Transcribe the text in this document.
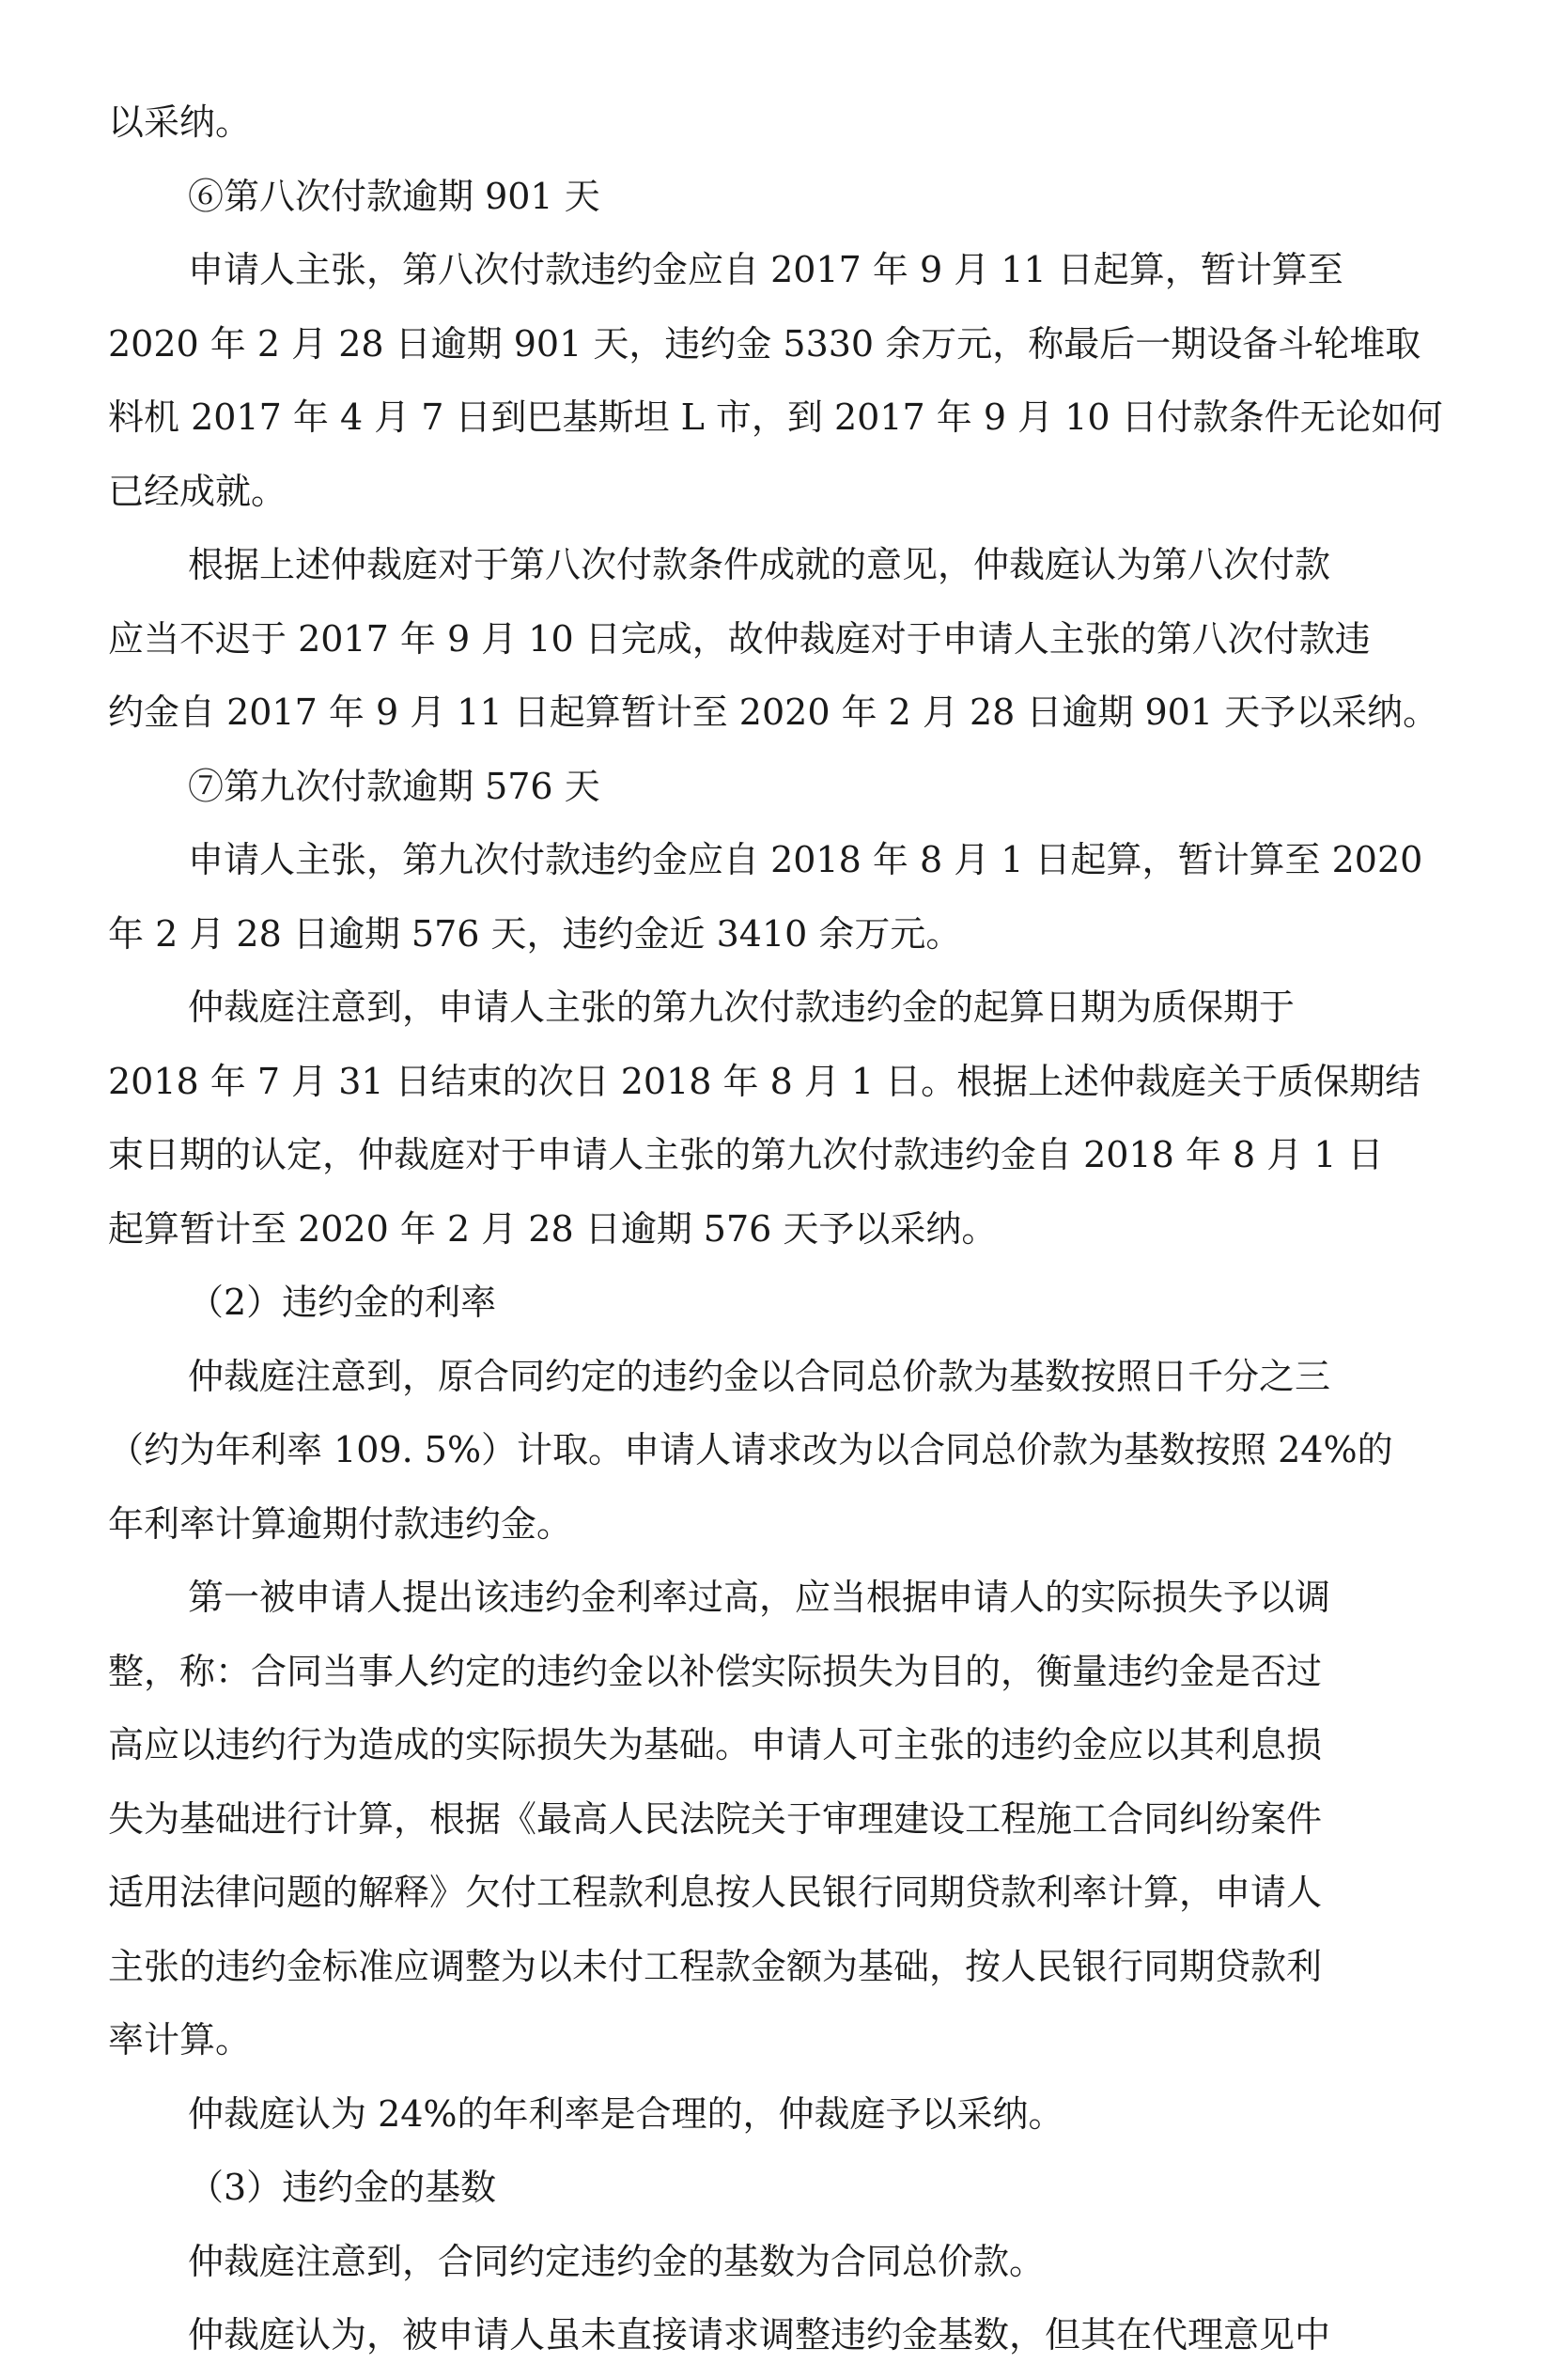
以采纳。
⑥第八次付款逾期 901 天
申请人主张，第八次付款违约金应自 2017 年 9 月 11 日起算，暂计算至
2020 年 2 月 28 日逾期 901 天，违约金 5330 余万元，称最后一期设备斗轮堆取
料机 2017 年 4 月 7 日到巴基斯坦 L 市，到 2017 年 9 月 10 日付款条件无论如何
已经成就。
根据上述仲裁庭对于第八次付款条件成就的意见，仲裁庭认为第八次付款
应当不迟于 2017 年 9 月 10 日完成，故仲裁庭对于申请人主张的第八次付款违
约金自 2017 年 9 月 11 日起算暂计至 2020 年 2 月 28 日逾期 901 天予以采纳。
⑦第九次付款逾期 576 天
申请人主张，第九次付款违约金应自 2018 年 8 月 1 日起算，暂计算至 2020
年 2 月 28 日逾期 576 天，违约金近 3410 余万元。
仲裁庭注意到，申请人主张的第九次付款违约金的起算日期为质保期于
2018 年 7 月 31 日结束的次日 2018 年 8 月 1 日。根据上述仲裁庭关于质保期结
束日期的认定，仲裁庭对于申请人主张的第九次付款违约金自 2018 年 8 月 1 日
起算暂计至 2020 年 2 月 28 日逾期 576 天予以采纳。
（2）违约金的利率
仲裁庭注意到，原合同约定的违约金以合同总价款为基数按照日千分之三
（约为年利率 109. 5%）计取。申请人请求改为以合同总价款为基数按照 24%的
年利率计算逾期付款违约金。
第一被申请人提出该违约金利率过高，应当根据申请人的实际损失予以调
整，称：合同当事人约定的违约金以补偿实际损失为目的，衡量违约金是否过
高应以违约行为造成的实际损失为基础。申请人可主张的违约金应以其利息损
失为基础进行计算，根据《最高人民法院关于审理建设工程施工合同纠纷案件
适用法律问题的解释》欠付工程款利息按人民银行同期贷款利率计算，申请人
主张的违约金标准应调整为以未付工程款金额为基础，按人民银行同期贷款利
率计算。
仲裁庭认为 24%的年利率是合理的，仲裁庭予以采纳。
（3）违约金的基数
仲裁庭注意到，合同约定违约金的基数为合同总价款。
仲裁庭认为，被申请人虽未直接请求调整违约金基数，但其在代理意见中
